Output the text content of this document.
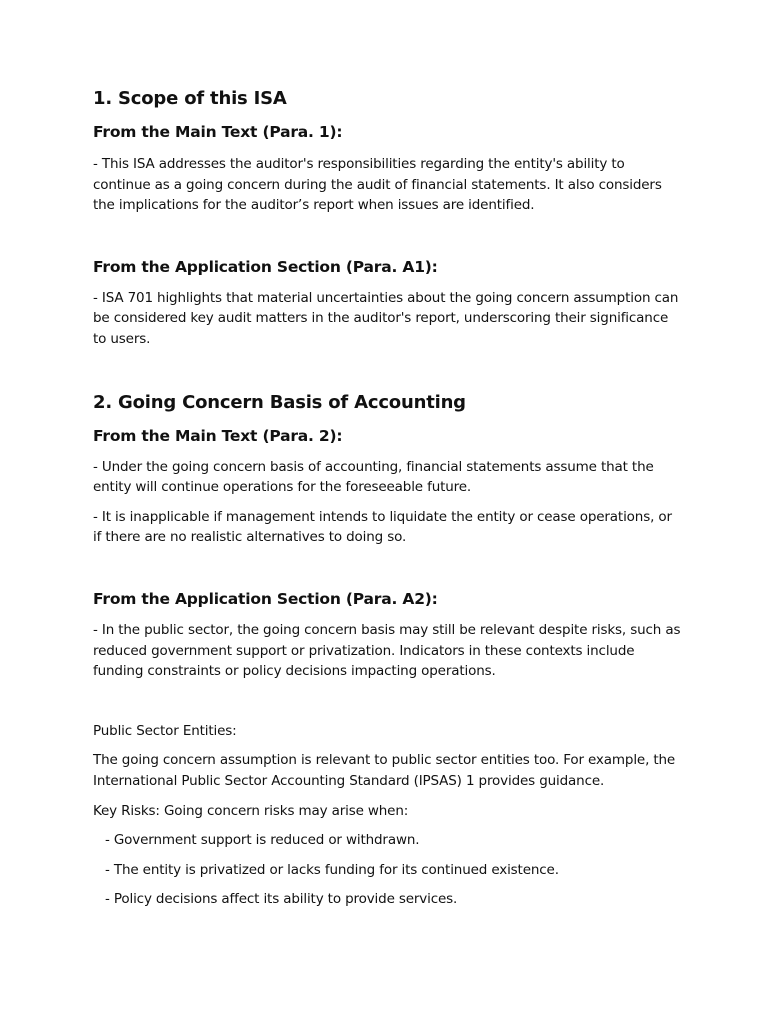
1. Scope of this ISA
From the Main Text (Para. 1):

- This ISA addresses the auditor's responsibilities regarding the entity's ability to continue as a going concern during the audit of financial statements. It also considers the implications for the auditor’s report when issues are identified.

From the Application Section (Para. A1):

- ISA 701 highlights that material uncertainties about the going concern assumption can be considered key audit matters in the auditor's report, underscoring their significance to users.

2. Going Concern Basis of Accounting
From the Main Text (Para. 2):

- Under the going concern basis of accounting, financial statements assume that the entity will continue operations for the foreseeable future.

- It is inapplicable if management intends to liquidate the entity or cease operations, or if there are no realistic alternatives to doing so.

From the Application Section (Para. A2):

- In the public sector, the going concern basis may still be relevant despite risks, such as reduced government support or privatization. Indicators in these contexts include funding constraints or policy decisions impacting operations.

Public Sector Entities:

The going concern assumption is relevant to public sector entities too. For example, the International Public Sector Accounting Standard (IPSAS) 1 provides guidance.

Key Risks: Going concern risks may arise when:

- Government support is reduced or withdrawn.

- The entity is privatized or lacks funding for its continued existence.

- Policy decisions affect its ability to provide services.
